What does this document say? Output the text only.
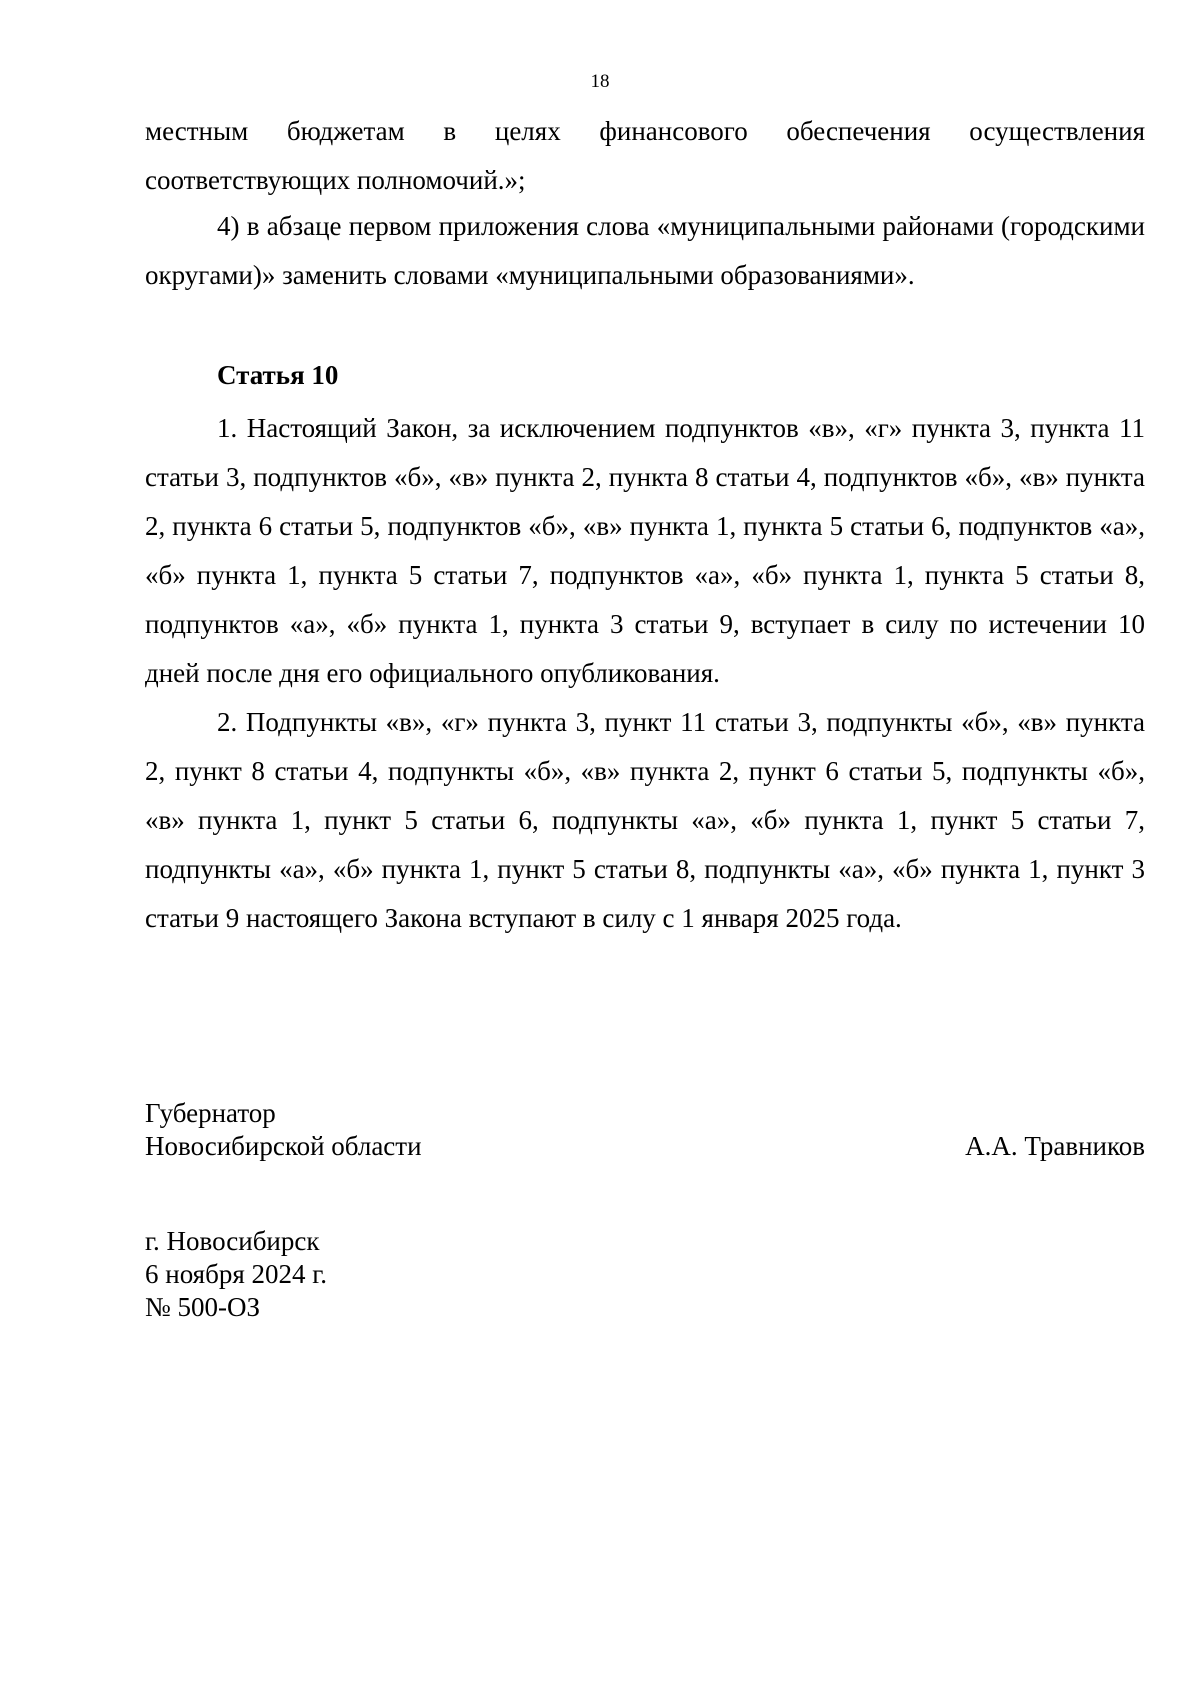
18

местным бюджетам в целях финансового обеспечения осуществления соответствующих полномочий.»;

4) в абзаце первом приложения слова «муниципальными районами (городскими округами)» заменить словами «муниципальными образованиями».

Статья 10

1. Настоящий Закон, за исключением подпунктов «в», «г» пункта 3, пункта 11 статьи 3, подпунктов «б», «в» пункта 2, пункта 8 статьи 4, подпунктов «б», «в» пункта 2, пункта 6 статьи 5, подпунктов «б», «в» пункта 1, пункта 5 статьи 6, подпунктов «а», «б» пункта 1, пункта 5 статьи 7, подпунктов «а», «б» пункта 1, пункта 5 статьи 8, подпунктов «а», «б» пункта 1, пункта 3 статьи 9, вступает в силу по истечении 10 дней после дня его официального опубликования.

2. Подпункты «в», «г» пункта 3, пункт 11 статьи 3, подпункты «б», «в» пункта 2, пункт 8 статьи 4, подпункты «б», «в» пункта 2, пункт 6 статьи 5, подпункты «б», «в» пункта 1, пункт 5 статьи 6, подпункты «а», «б» пункта 1, пункт 5 статьи 7, подпункты «а», «б» пункта 1, пункт 5 статьи 8, подпункты «а», «б» пункта 1, пункт 3 статьи 9 настоящего Закона вступают в силу с 1 января 2025 года.

Губернатор
Новосибирской области	А.А. Травников
г. Новосибирск
6 ноября 2024 г.
№ 500-ОЗ
